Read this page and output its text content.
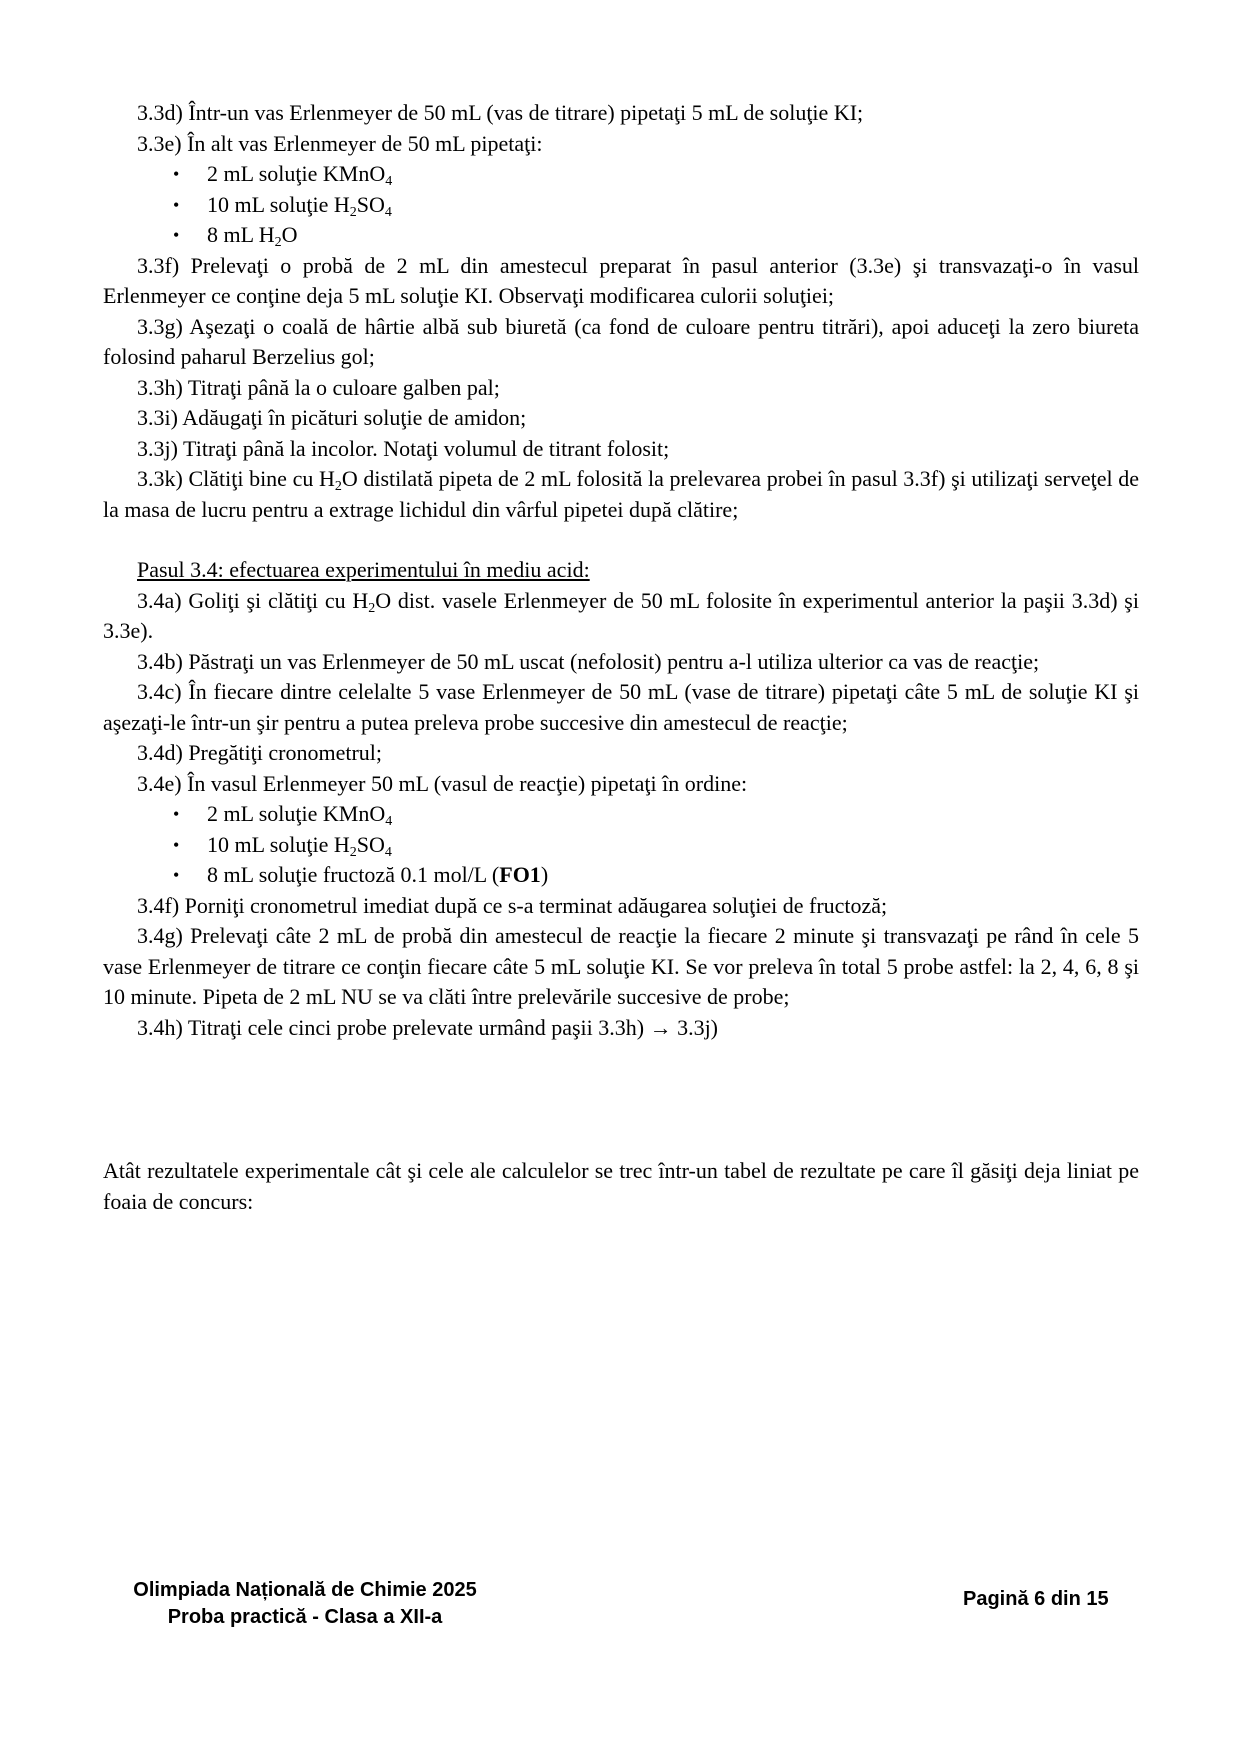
3.3d) Într-un vas Erlenmeyer de 50 mL (vas de titrare) pipetaţi 5 mL de soluţie KI;
3.3e) În alt vas Erlenmeyer de 50 mL pipetaţi:
• 2 mL soluţie KMnO4
• 10 mL soluţie H2SO4
• 8 mL H2O
3.3f) Prelevaţi o probă de 2 mL din amestecul preparat în pasul anterior (3.3e) şi transvazaţi-o în vasul Erlenmeyer ce conţine deja 5 mL soluţie KI. Observaţi modificarea culorii soluţiei;
3.3g) Aşezaţi o coală de hârtie albă sub biuretă (ca fond de culoare pentru titrări), apoi aduceţi la zero biureta folosind paharul Berzelius gol;
3.3h) Titraţi până la o culoare galben pal;
3.3i) Adăugaţi în picături soluţie de amidon;
3.3j) Titraţi până la incolor. Notaţi volumul de titrant folosit;
3.3k) Clătiţi bine cu H2O distilată pipeta de 2 mL folosită la prelevarea probei în pasul 3.3f) şi utilizaţi serveţel de la masa de lucru pentru a extrage lichidul din vârful pipetei după clătire;
Pasul 3.4: efectuarea experimentului în mediu acid:
3.4a) Goliţi şi clătiţi cu H2O dist. vasele Erlenmeyer de 50 mL folosite în experimentul anterior la paşii 3.3d) şi 3.3e).
3.4b) Păstraţi un vas Erlenmeyer de 50 mL uscat (nefolosit) pentru a-l utiliza ulterior ca vas de reacţie;
3.4c) În fiecare dintre celelalte 5 vase Erlenmeyer de 50 mL (vase de titrare) pipetaţi câte 5 mL de soluţie KI şi aşezaţi-le într-un şir pentru a putea preleva probe succesive din amestecul de reacţie;
3.4d) Pregătiţi cronometrul;
3.4e) În vasul Erlenmeyer 50 mL (vasul de reacţie) pipetaţi în ordine:
• 2 mL soluţie KMnO4
• 10 mL soluţie H2SO4
• 8 mL soluţie fructoză 0.1 mol/L (FO1)
3.4f) Porniţi cronometrul imediat după ce s-a terminat adăugarea soluţiei de fructoză;
3.4g) Prelevaţi câte 2 mL de probă din amestecul de reacţie la fiecare 2 minute şi transvazaţi pe rând în cele 5 vase Erlenmeyer de titrare ce conţin fiecare câte 5 mL soluţie KI. Se vor preleva în total 5 probe astfel: la 2, 4, 6, 8 şi 10 minute. Pipeta de 2 mL NU se va clăti între prelevările succesive de probe;
3.4h) Titraţi cele cinci probe prelevate urmând paşii 3.3h) → 3.3j)
Atât rezultatele experimentale cât şi cele ale calculelor se trec într-un tabel de rezultate pe care îl găsiţi deja liniat pe foaia de concurs:
Olimpiada Națională de Chimie 2025
Proba practică - Clasa a XII-a
Pagină 6 din 15
